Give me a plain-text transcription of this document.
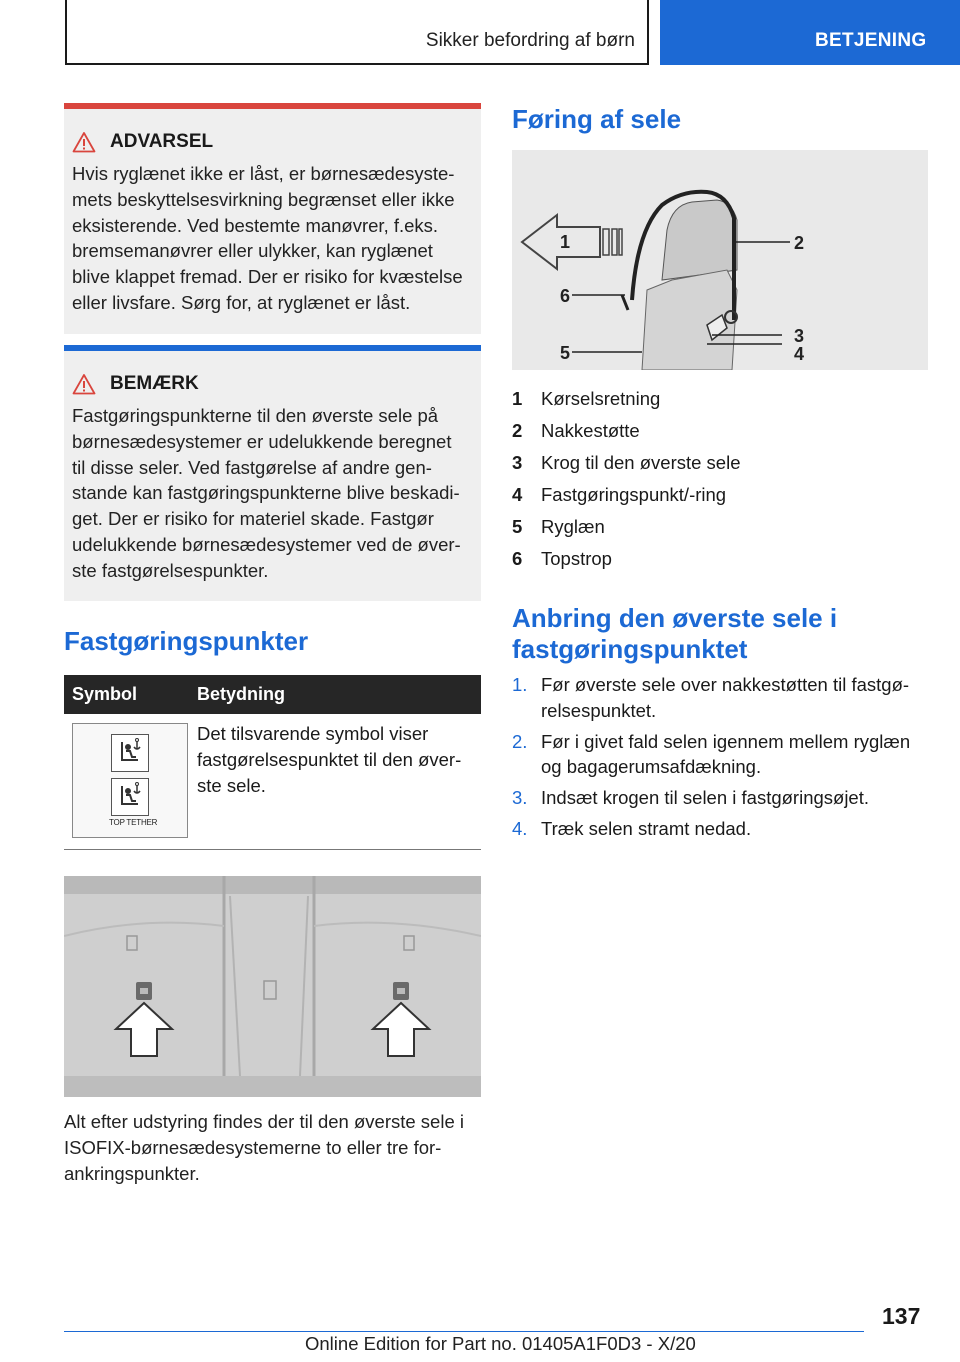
Sikker befordring af børn	BETJENING
ADVARSEL
Hvis ryglænet ikke er låst, er børnesædesyste-
mets beskyttelsesvirkning begrænset eller ikke
eksisterende. Ved bestemte manøvrer, f.eks.
bremsemanøvrer eller ulykker, kan ryglænet
blive klappet fremad. Der er risiko for kvæstelse
eller livsfare. Sørg for, at ryglænet er låst.
BEMÆRK
Fastgøringspunkterne til den øverste sele på
børnesædesystemer er udelukkende beregnet
til disse seler. Ved fastgørelse af andre gen-
stande kan fastgøringspunkterne blive beskadi-
get. Der er risiko for materiel skade. Fastgør
udelukkende børnesædesystemer ved de øver-
ste fastgørelsespunkter.
Fastgøringspunkter
Symbol	Betydning
TOP TETHER
Det tilsvarende symbol viser
fastgørelsespunktet til den øver-
ste sele.
Alt efter udstyring findes der til den øverste sele i
ISOFIX-børnesædesystemerne to eller tre for-
ankringspunkter.
Føring af sele
1	2
3
4
5
6
1	Kørselsretning
2	Nakkestøtte
3	Krog til den øverste sele
4	Fastgøringspunkt/-ring
5	Ryglæn
6	Topstrop
Anbring den øverste sele i
fastgøringspunktet
1. Før øverste sele over nakkestøtten til fastgø-
relsespunktet.
2. Før i givet fald selen igennem mellem ryglæn
og bagagerumsafdækning.
3. Indsæt krogen til selen i fastgøringsøjet.
4. Træk selen stramt nedad.
137
Online Edition for Part no. 01405A1F0D3 - X/20
